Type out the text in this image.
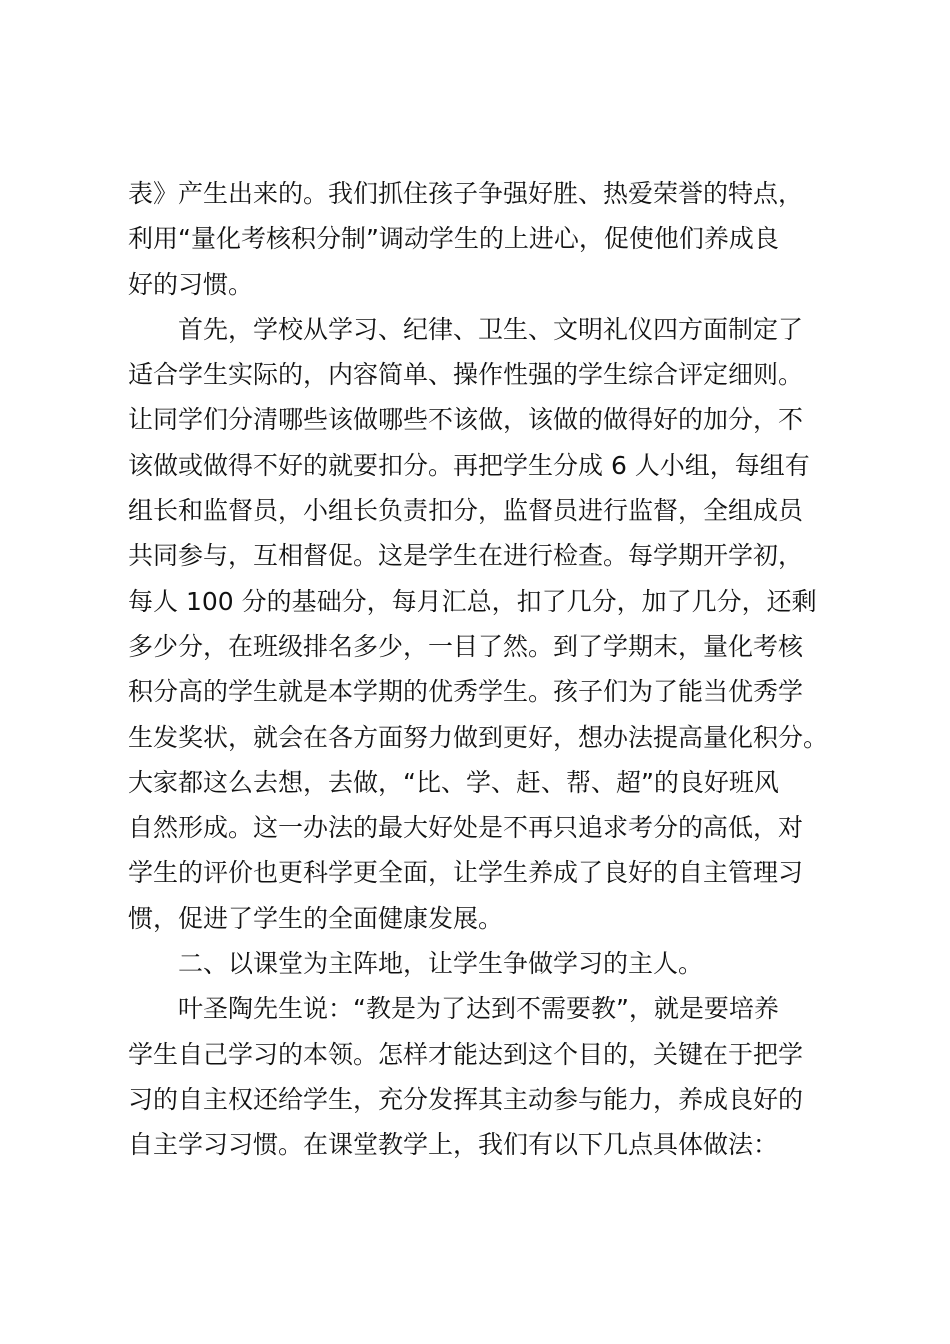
表》产生出来的。我们抓住孩子争强好胜、热爱荣誉的特点，
利用“量化考核积分制”调动学生的上进心，促使他们养成良
好的习惯。
　　首先，学校从学习、纪律、卫生、文明礼仪四方面制定了
适合学生实际的，内容简单、操作性强的学生综合评定细则。
让同学们分清哪些该做哪些不该做，该做的做得好的加分，不
该做或做得不好的就要扣分。再把学生分成 6 人小组，每组有
组长和监督员，小组长负责扣分，监督员进行监督，全组成员
共同参与，互相督促。这是学生在进行检查。每学期开学初，
每人 100 分的基础分，每月汇总，扣了几分，加了几分，还剩
多少分，在班级排名多少，一目了然。到了学期末，量化考核
积分高的学生就是本学期的优秀学生。孩子们为了能当优秀学
生发奖状，就会在各方面努力做到更好，想办法提高量化积分。
大家都这么去想，去做，“比、学、赶、帮、超”的良好班风
自然形成。这一办法的最大好处是不再只追求考分的高低，对
学生的评价也更科学更全面，让学生养成了良好的自主管理习
惯，促进了学生的全面健康发展。
　　二、以课堂为主阵地，让学生争做学习的主人。
　　叶圣陶先生说：“教是为了达到不需要教”，就是要培养
学生自己学习的本领。怎样才能达到这个目的，关键在于把学
习的自主权还给学生，充分发挥其主动参与能力，养成良好的
自主学习习惯。在课堂教学上，我们有以下几点具体做法：
